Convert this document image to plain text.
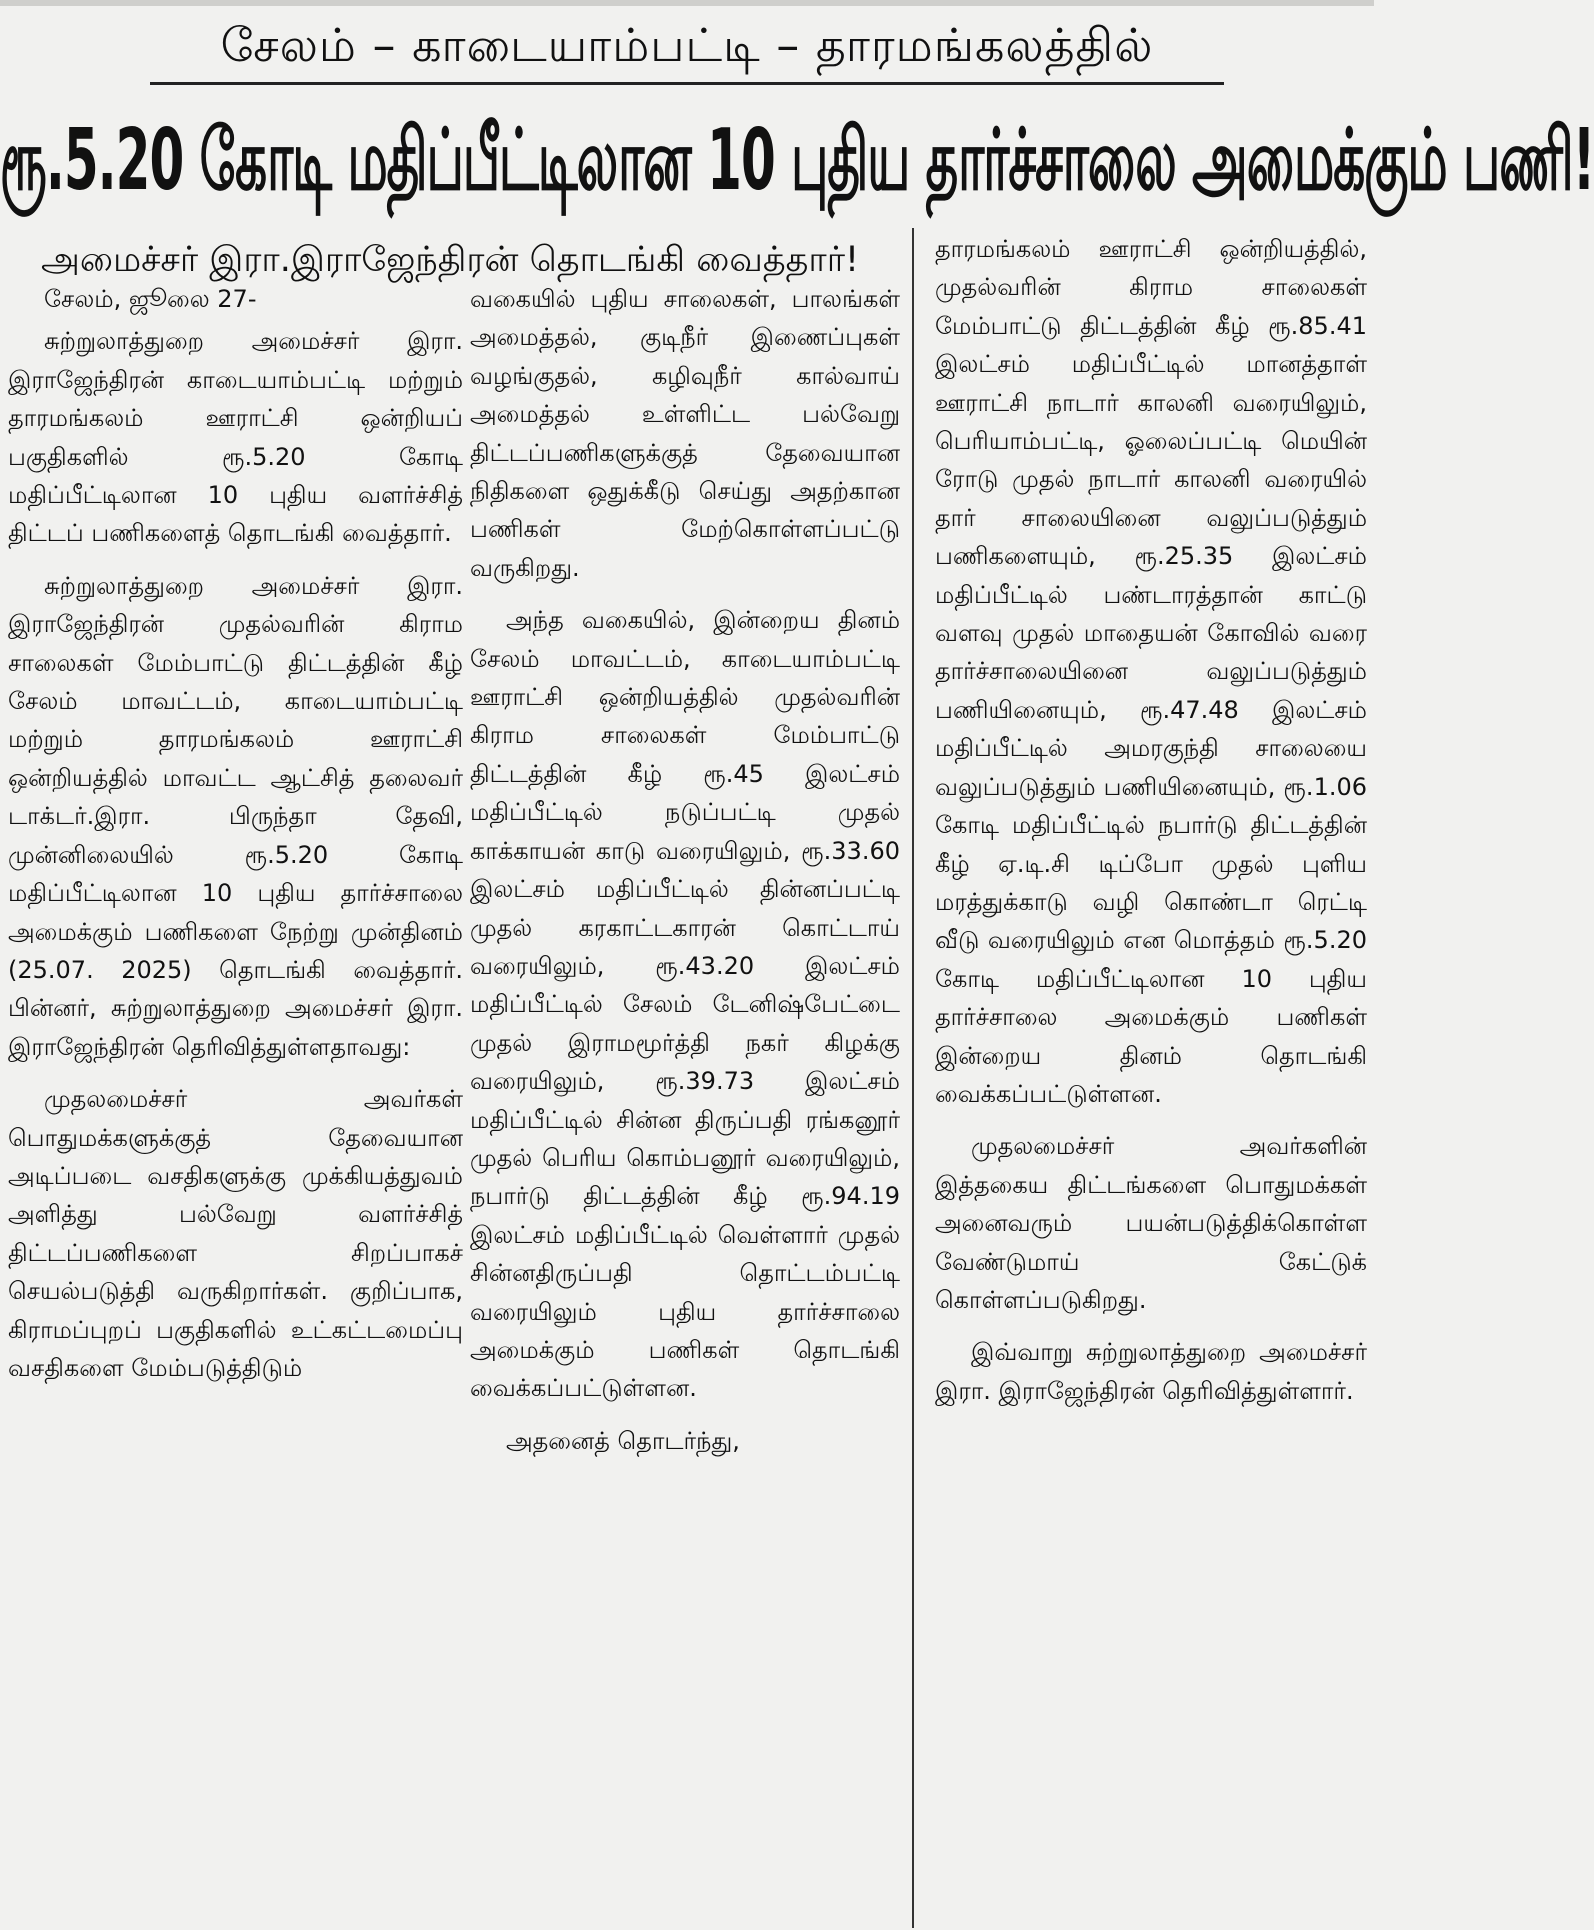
சேலம் – காடையாம்பட்டி – தாரமங்கலத்தில்
ரூ.5.20 கோடி மதிப்பீட்டிலான 10 புதிய தார்ச்சாலை அமைக்கும் பணி!
அமைச்சர் இரா.இராஜேந்திரன் தொடங்கி வைத்தார்!

சேலம், ஜூலை 27-

சுற்றுலாத்துறை அமைச்சர் இரா. இராஜேந்திரன் காடையாம்பட்டி மற்றும் தாரமங்கலம் ஊராட்சி ஒன்றியப் பகுதிகளில் ரூ.5.20 கோடி மதிப்பீட்டிலான 10 புதிய வளர்ச்சித் திட்டப் பணிகளைத் தொடங்கி வைத்தார்.

சுற்றுலாத்துறை அமைச்சர் இரா. இராஜேந்திரன் முதல்வரின் கிராம சாலைகள் மேம்பாட்டு திட்டத்தின் கீழ் சேலம் மாவட்டம், காடையாம்பட்டி மற்றும் தாரமங்கலம் ஊராட்சி ஒன்றியத்தில் மாவட்ட ஆட்சித் தலைவர் டாக்டர்.இரா. பிருந்தா தேவி, முன்னிலையில் ரூ.5.20 கோடி மதிப்பீட்டிலான 10 புதிய தார்ச்சாலை அமைக்கும் பணிகளை நேற்று முன்தினம் (25.07. 2025) தொடங்கி வைத்தார். பின்னர், சுற்றுலாத்துறை அமைச்சர் இரா. இராஜேந்திரன் தெரிவித்துள்ளதாவது:

முதலமைச்சர் அவர்கள் பொதுமக்களுக்குத் தேவையான அடிப்படை வசதிகளுக்கு முக்கியத்துவம் அளித்து பல்வேறு வளர்ச்சித் திட்டப்பணிகளை சிறப்பாகச் செயல்படுத்தி வருகிறார்கள். குறிப்பாக, கிராமப்புறப் பகுதிகளில் உட்கட்டமைப்பு வசதிகளை மேம்படுத்திடும்

வகையில் புதிய சாலைகள், பாலங்கள் அமைத்தல், குடிநீர் இணைப்புகள் வழங்குதல், கழிவுநீர் கால்வாய் அமைத்தல் உள்ளிட்ட பல்வேறு திட்டப்பணிகளுக்குத் தேவையான நிதிகளை ஒதுக்கீடு செய்து அதற்கான பணிகள் மேற்கொள்ளப்பட்டு வருகிறது.

அந்த வகையில், இன்றைய தினம் சேலம் மாவட்டம், காடையாம்பட்டி ஊராட்சி ஒன்றியத்தில் முதல்வரின் கிராம சாலைகள் மேம்பாட்டு திட்டத்தின் கீழ் ரூ.45 இலட்சம் மதிப்பீட்டில் நடுப்பட்டி முதல் காக்காயன் காடு வரையிலும், ரூ.33.60 இலட்சம் மதிப்பீட்டில் தின்னப்பட்டி முதல் கரகாட்டகாரன் கொட்டாய் வரையிலும், ரூ.43.20 இலட்சம் மதிப்பீட்டில் சேலம் டேனிஷ்பேட்டை முதல் இராமமூர்த்தி நகர் கிழக்கு வரையிலும், ரூ.39.73 இலட்சம் மதிப்பீட்டில் சின்ன திருப்பதி ரங்கனூர் முதல் பெரிய கொம்பனூர் வரையிலும், நபார்டு திட்டத்தின் கீழ் ரூ.94.19 இலட்சம் மதிப்பீட்டில் வெள்ளார் முதல் சின்னதிருப்பதி தொட்டம்பட்டி வரையிலும் புதிய தார்ச்சாலை அமைக்கும் பணிகள் தொடங்கி வைக்கப்பட்டுள்ளன.

அதனைத் தொடர்ந்து,

தாரமங்கலம் ஊராட்சி ஒன்றியத்தில், முதல்வரின் கிராம சாலைகள் மேம்பாட்டு திட்டத்தின் கீழ் ரூ.85.41 இலட்சம் மதிப்பீட்டில் மானத்தாள் ஊராட்சி நாடார் காலனி வரையிலும், பெரியாம்பட்டி, ஓலைப்பட்டி மெயின் ரோடு முதல் நாடார் காலனி வரையில் தார் சாலையினை வலுப்படுத்தும் பணிகளையும், ரூ.25.35 இலட்சம் மதிப்பீட்டில் பண்டாரத்தான் காட்டு வளவு முதல் மாதையன் கோவில் வரை தார்ச்சாலையினை வலுப்படுத்தும் பணியினையும், ரூ.47.48 இலட்சம் மதிப்பீட்டில் அமரகுந்தி சாலையை வலுப்படுத்தும் பணியினையும், ரூ.1.06 கோடி மதிப்பீட்டில் நபார்டு திட்டத்தின் கீழ் ஏ.டி.சி டிப்போ முதல் புளிய மரத்துக்காடு வழி கொண்டா ரெட்டி வீடு வரையிலும் என மொத்தம் ரூ.5.20 கோடி மதிப்பீட்டிலான 10 புதிய தார்ச்சாலை அமைக்கும் பணிகள் இன்றைய தினம் தொடங்கி வைக்கப்பட்டுள்ளன.

முதலமைச்சர் அவர்களின் இத்தகைய திட்டங்களை பொதுமக்கள் அனைவரும் பயன்படுத்திக்கொள்ள வேண்டுமாய் கேட்டுக் கொள்ளப்படுகிறது.

இவ்வாறு சுற்றுலாத்துறை அமைச்சர் இரா. இராஜேந்திரன் தெரிவித்துள்ளார்.
